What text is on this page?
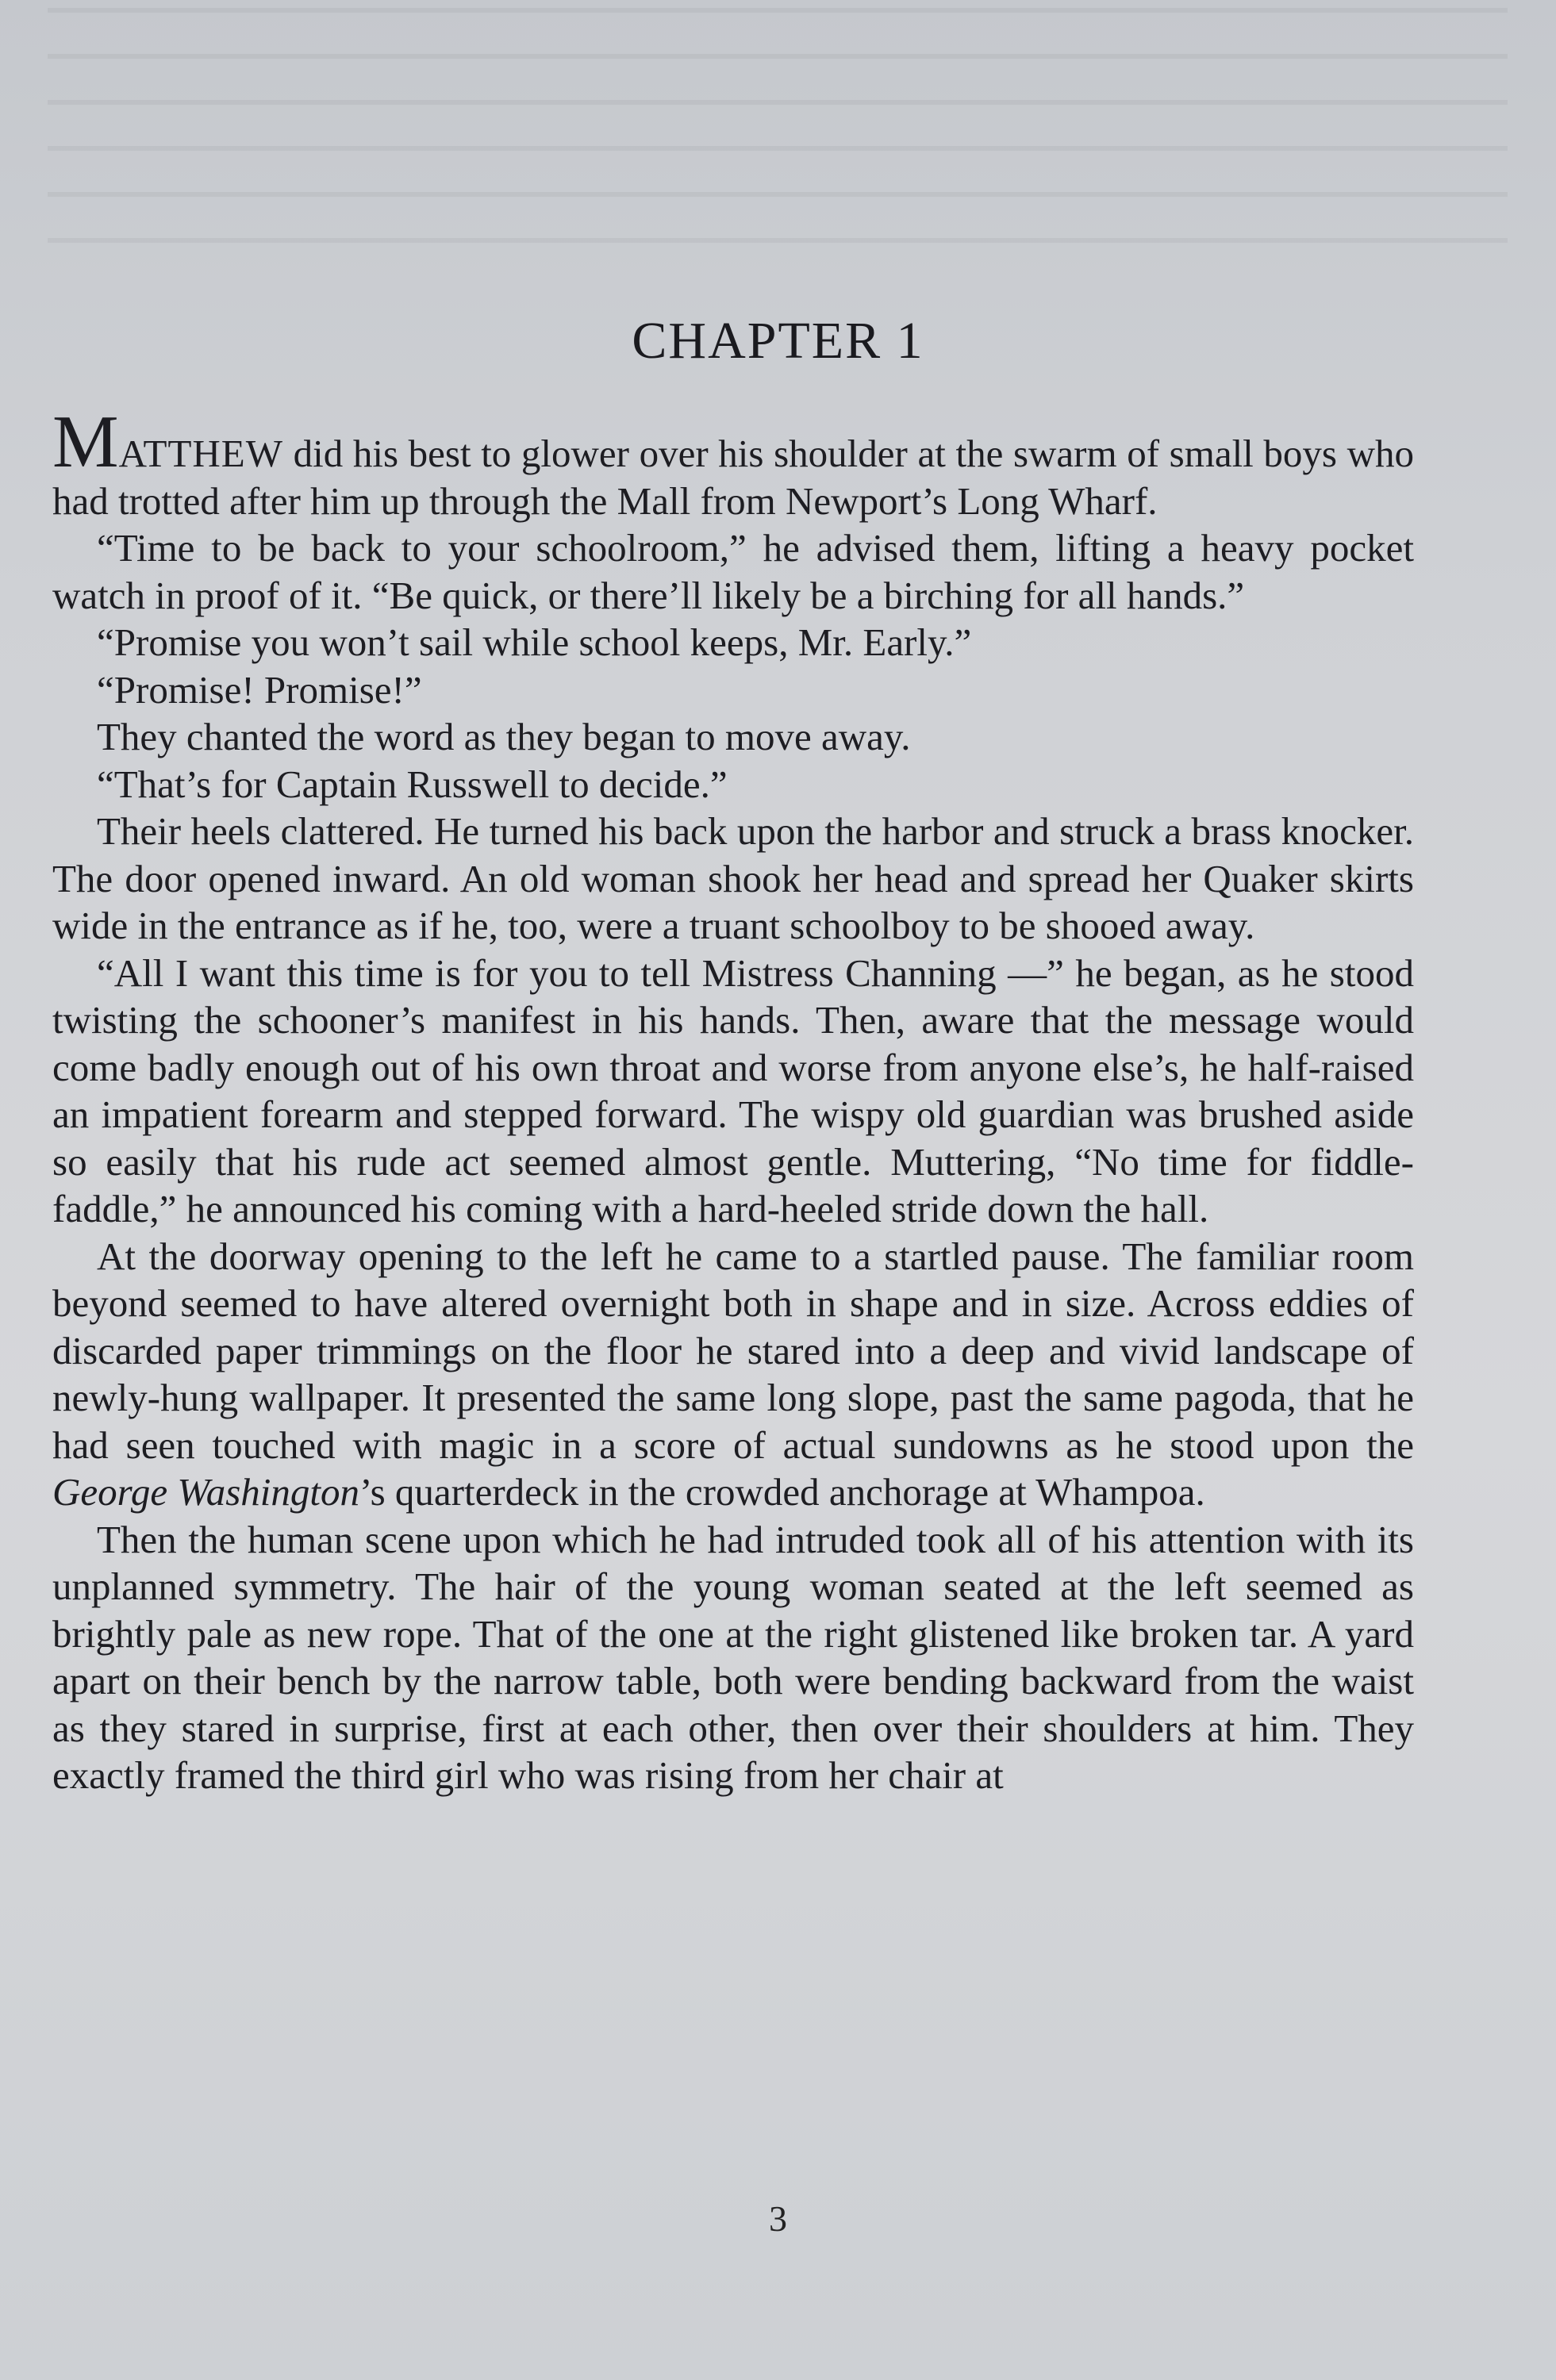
CHAPTER 1

MATTHEW did his best to glower over his shoulder at the swarm of small boys who had trotted after him up through the Mall from Newport’s Long Wharf.

“Time to be back to your schoolroom,” he advised them, lifting a heavy pocket watch in proof of it. “Be quick, or there’ll likely be a birching for all hands.”

“Promise you won’t sail while school keeps, Mr. Early.”

“Promise! Promise!”

They chanted the word as they began to move away.

“That’s for Captain Russwell to decide.”

Their heels clattered. He turned his back upon the harbor and struck a brass knocker. The door opened inward. An old woman shook her head and spread her Quaker skirts wide in the entrance as if he, too, were a truant schoolboy to be shooed away.

“All I want this time is for you to tell Mistress Channing —” he began, as he stood twisting the schooner’s manifest in his hands. Then, aware that the message would come badly enough out of his own throat and worse from anyone else’s, he half-raised an impatient forearm and stepped forward. The wispy old guardian was brushed aside so easily that his rude act seemed almost gentle. Muttering, “No time for fiddle-faddle,” he announced his coming with a hard-heeled stride down the hall.

At the doorway opening to the left he came to a startled pause. The familiar room beyond seemed to have altered overnight both in shape and in size. Across eddies of discarded paper trimmings on the floor he stared into a deep and vivid landscape of newly-hung wallpaper. It presented the same long slope, past the same pagoda, that he had seen touched with magic in a score of actual sundowns as he stood upon the George Washington’s quarterdeck in the crowded anchorage at Whampoa.

Then the human scene upon which he had intruded took all of his attention with its unplanned symmetry. The hair of the young woman seated at the left seemed as brightly pale as new rope. That of the one at the right glistened like broken tar. A yard apart on their bench by the narrow table, both were bending backward from the waist as they stared in surprise, first at each other, then over their shoulders at him. They exactly framed the third girl who was rising from her chair at

3
